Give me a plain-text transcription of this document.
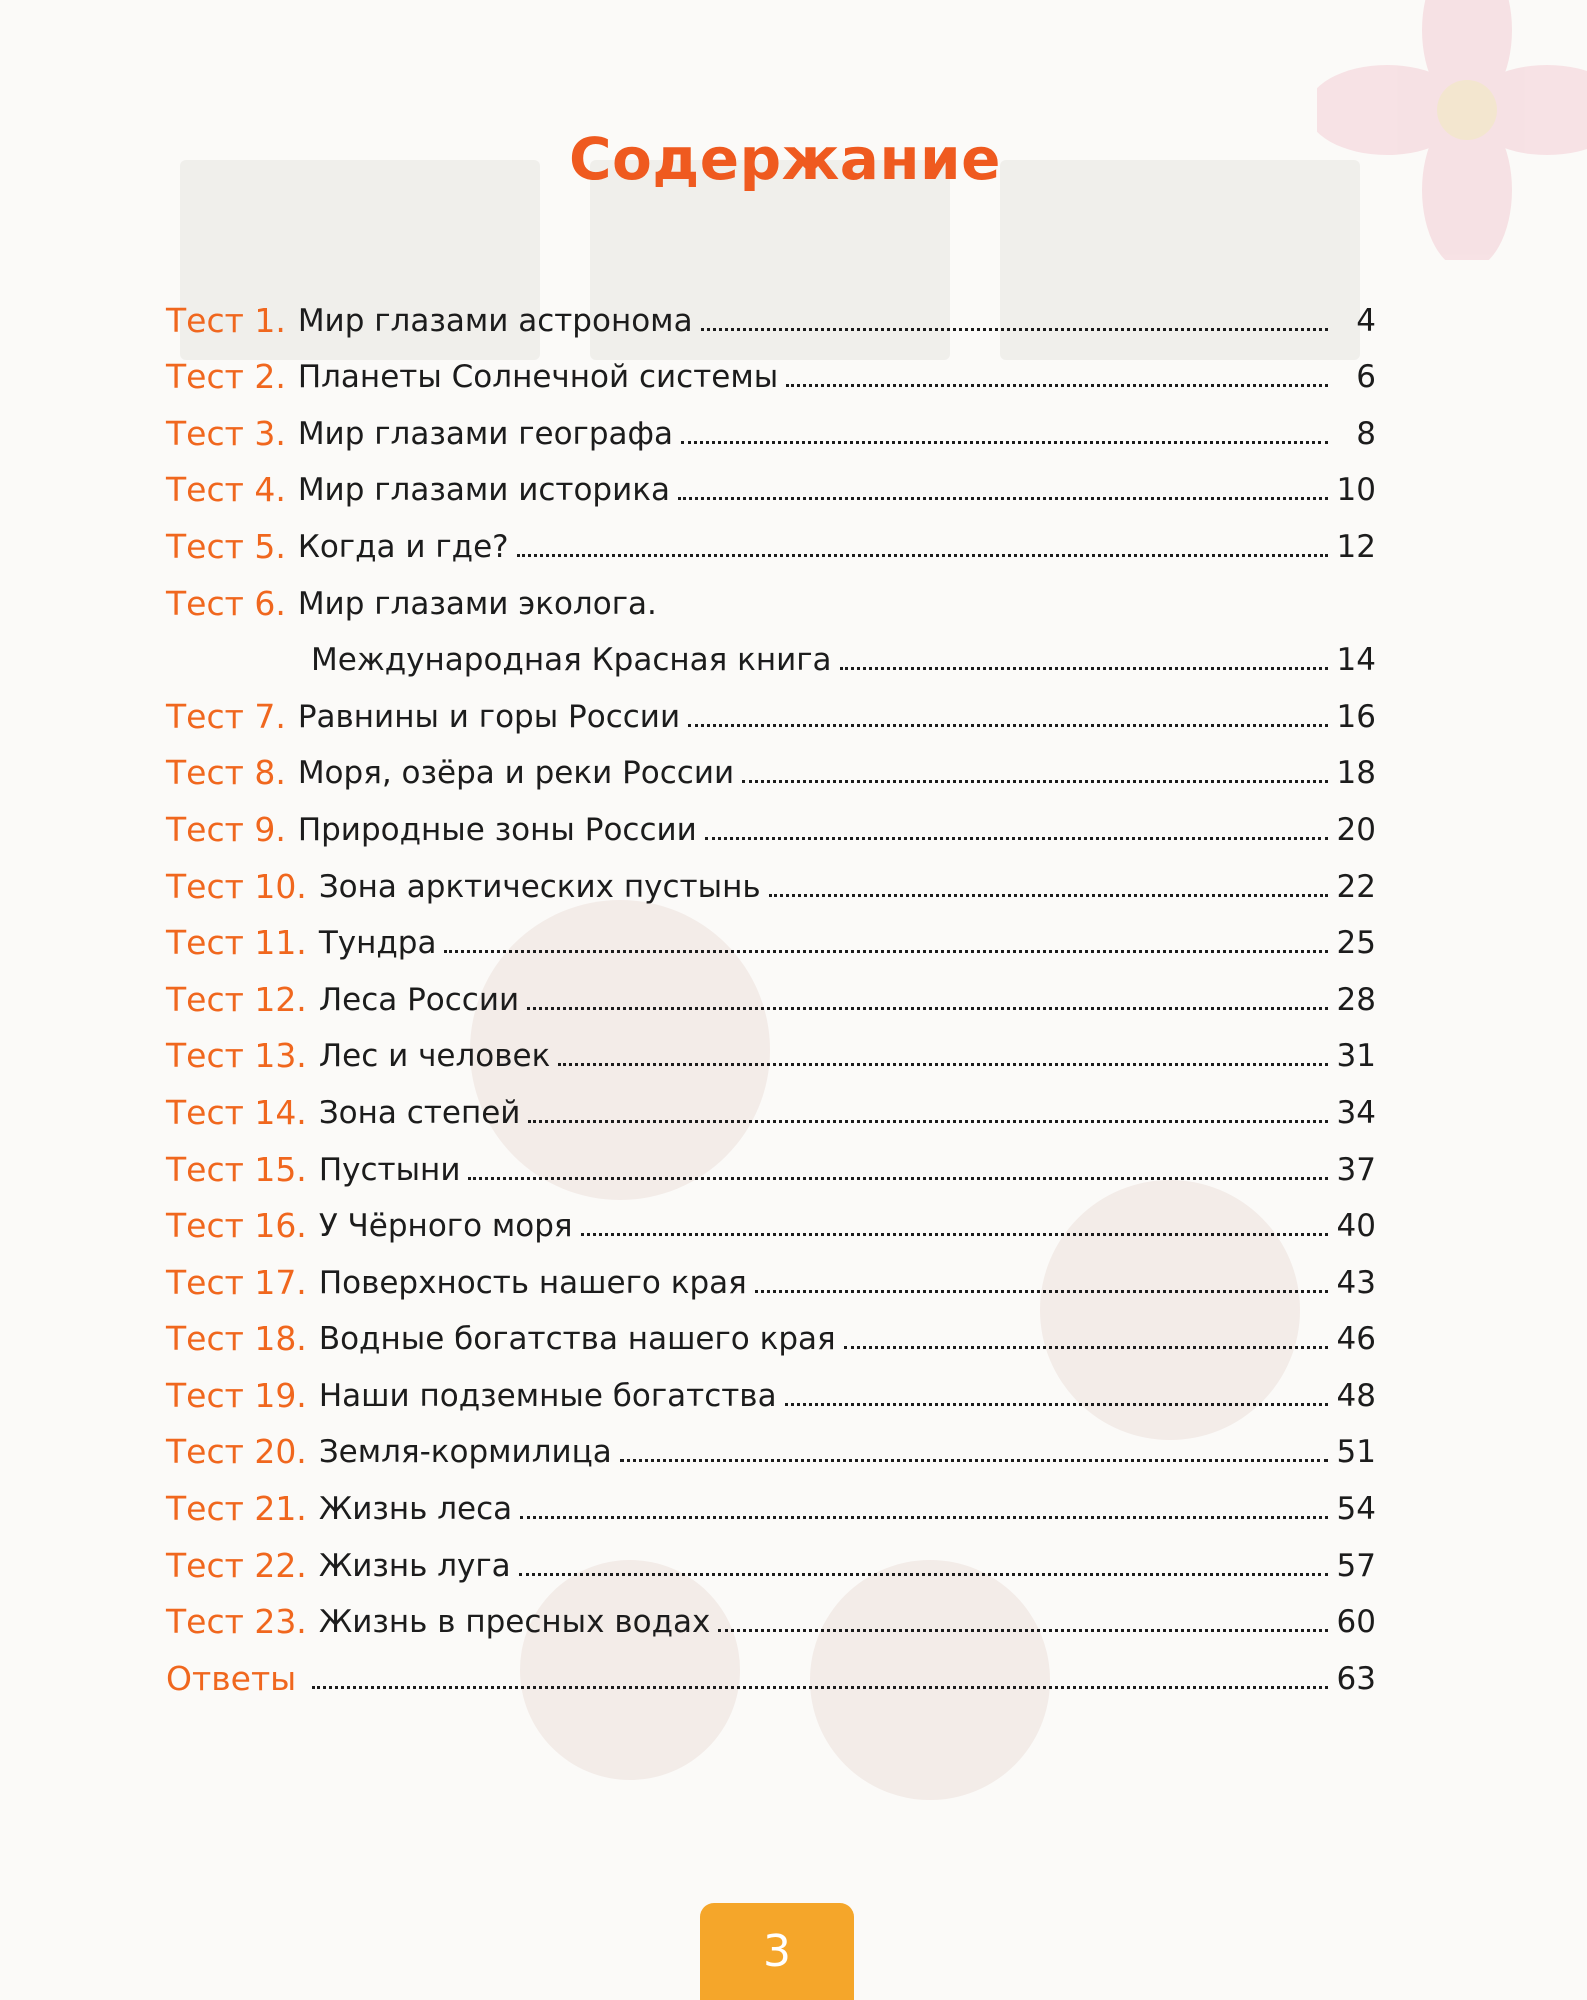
Содержание
Тест 1. Мир глазами астронома	4
Тест 2. Планеты Солнечной системы	6
Тест 3. Мир глазами географа	8
Тест 4. Мир глазами историка	10
Тест 5. Когда и где?	12
Тест 6. Мир глазами эколога.
Международная Красная книга	14
Тест 7. Равнины и горы России	16
Тест 8. Моря, озёра и реки России	18
Тест 9. Природные зоны России	20
Тест 10. Зона арктических пустынь	22
Тест 11. Тундра	25
Тест 12. Леса России	28
Тест 13. Лес и человек	31
Тест 14. Зона степей	34
Тест 15. Пустыни	37
Тест 16. У Чёрного моря	40
Тест 17. Поверхность нашего края	43
Тест 18. Водные богатства нашего края	46
Тест 19. Наши подземные богатства	48
Тест 20. Земля-кормилица	51
Тест 21. Жизнь леса	54
Тест 22. Жизнь луга	57
Тест 23. Жизнь в пресных водах	60
Ответы	63
3
